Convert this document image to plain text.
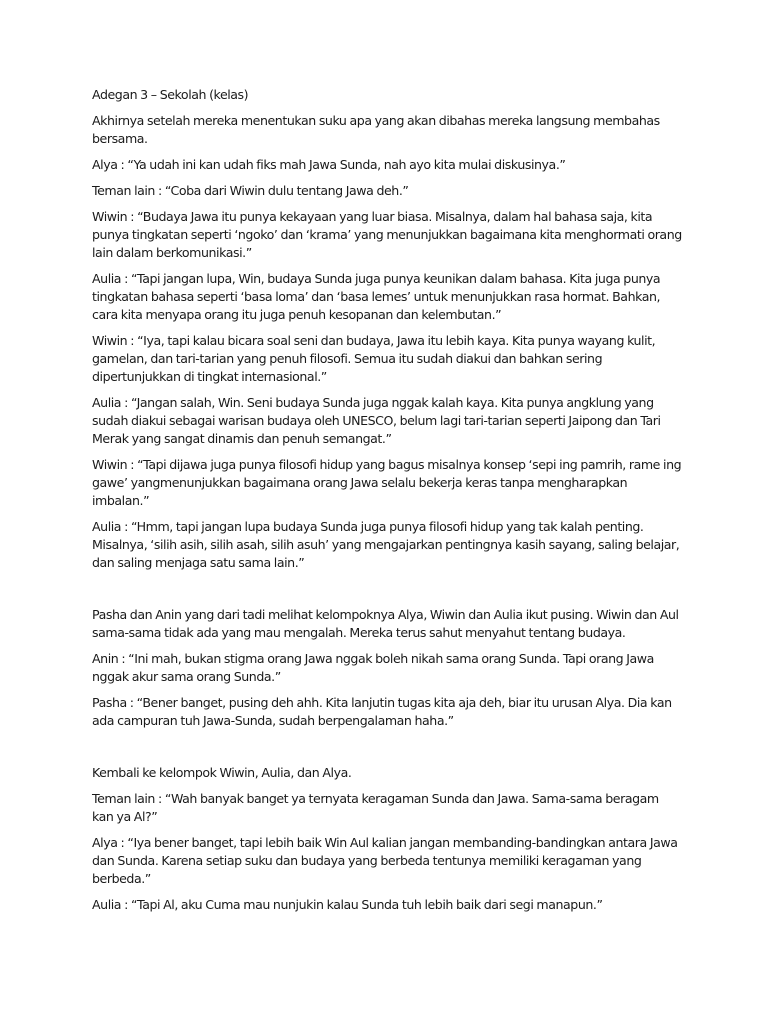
Adegan 3 – Sekolah (kelas)

Akhirnya setelah mereka menentukan suku apa yang akan dibahas mereka langsung membahas bersama.

Alya : “Ya udah ini kan udah fiks mah Jawa Sunda, nah ayo kita mulai diskusinya.”

Teman lain : “Coba dari Wiwin dulu tentang Jawa deh.”

Wiwin : “Budaya Jawa itu punya kekayaan yang luar biasa. Misalnya, dalam hal bahasa saja, kita punya tingkatan seperti ‘ngoko’ dan ‘krama’ yang menunjukkan bagaimana kita menghormati orang lain dalam berkomunikasi.”

Aulia : “Tapi jangan lupa, Win, budaya Sunda juga punya keunikan dalam bahasa. Kita juga punya tingkatan bahasa seperti ‘basa loma’ dan ‘basa lemes’ untuk menunjukkan rasa hormat. Bahkan, cara kita menyapa orang itu juga penuh kesopanan dan kelembutan.”

Wiwin : “Iya, tapi kalau bicara soal seni dan budaya, Jawa itu lebih kaya. Kita punya wayang kulit, gamelan, dan tari-tarian yang penuh filosofi. Semua itu sudah diakui dan bahkan sering dipertunjukkan di tingkat internasional.”

Aulia : “Jangan salah, Win. Seni budaya Sunda juga nggak kalah kaya. Kita punya angklung yang sudah diakui sebagai warisan budaya oleh UNESCO, belum lagi tari-tarian seperti Jaipong dan Tari Merak yang sangat dinamis dan penuh semangat.”

Wiwin : “Tapi dijawa juga punya filosofi hidup yang bagus misalnya konsep ‘sepi ing pamrih, rame ing gawe’ yangmenunjukkan bagaimana orang Jawa selalu bekerja keras tanpa mengharapkan imbalan.”

Aulia : “Hmm, tapi jangan lupa budaya Sunda juga punya filosofi hidup yang tak kalah penting. Misalnya, ‘silih asih, silih asah, silih asuh’ yang mengajarkan pentingnya kasih sayang, saling belajar, dan saling menjaga satu sama lain.”

Pasha dan Anin yang dari tadi melihat kelompoknya Alya, Wiwin dan Aulia ikut pusing. Wiwin dan Aul sama-sama tidak ada yang mau mengalah. Mereka terus sahut menyahut tentang budaya.

Anin : “Ini mah, bukan stigma orang Jawa nggak boleh nikah sama orang Sunda. Tapi orang Jawa nggak akur sama orang Sunda.”

Pasha : “Bener banget, pusing deh ahh. Kita lanjutin tugas kita aja deh, biar itu urusan Alya. Dia kan ada campuran tuh Jawa-Sunda, sudah berpengalaman haha.”

Kembali ke kelompok Wiwin, Aulia, dan Alya.

Teman lain : “Wah banyak banget ya ternyata keragaman Sunda dan Jawa. Sama-sama beragam kan ya Al?”

Alya : “Iya bener banget, tapi lebih baik Win Aul kalian jangan membanding-bandingkan antara Jawa dan Sunda. Karena setiap suku dan budaya yang berbeda tentunya memiliki keragaman yang berbeda.”

Aulia : “Tapi Al, aku Cuma mau nunjukin kalau Sunda tuh lebih baik dari segi manapun.”
